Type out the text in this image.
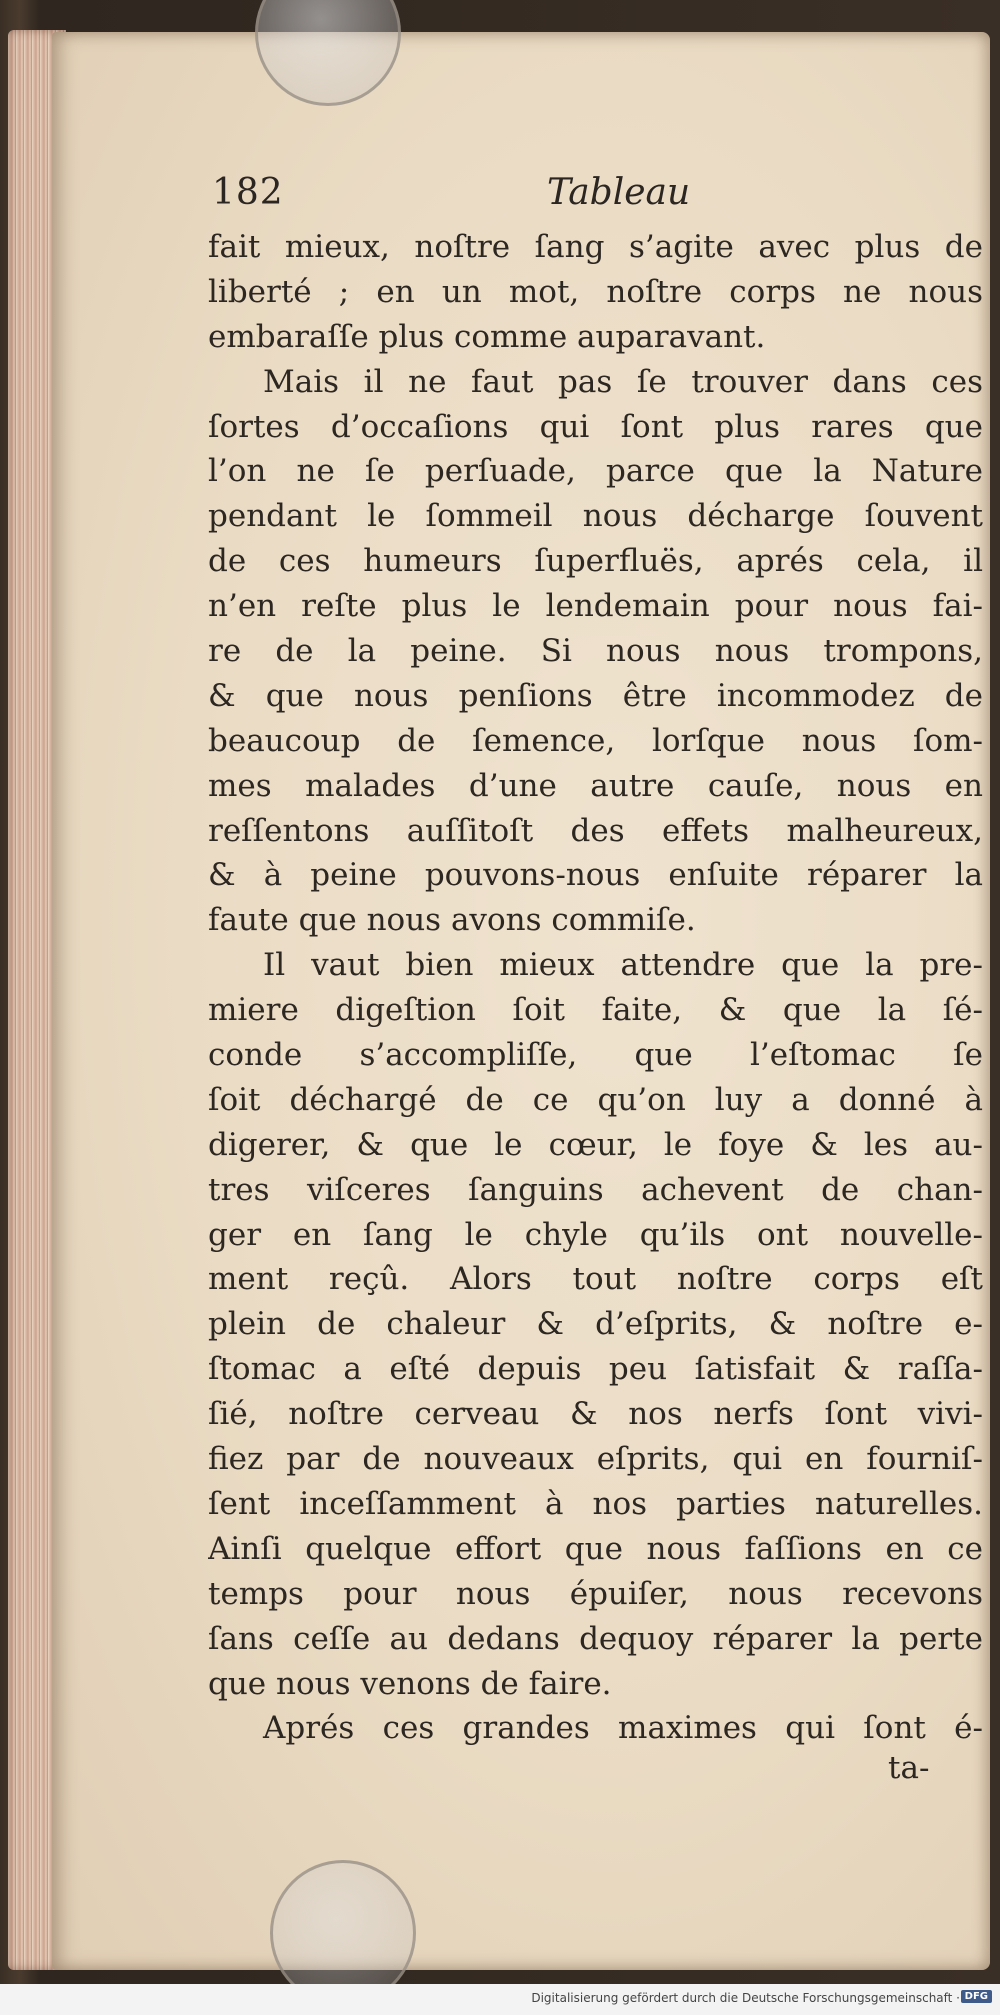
182	Tableau
fait mieux, noſtre ſang s’agite avec plus de
liberté ; en un mot, noſtre corps ne nous
embaraſſe plus comme auparavant.
Mais il ne faut pas ſe trouver dans ces
ſortes d’occaſions qui ſont plus rares que
l’on ne ſe perſuade, parce que la Nature
pendant le ſommeil nous décharge ſouvent
de ces humeurs ſuperfluës, aprés cela, il
n’en reſte plus le lendemain pour nous fai-
re de la peine. Si nous nous trompons,
& que nous penſions être incommodez de
beaucoup de ſemence, lorſque nous ſom-
mes malades d’une autre cauſe, nous en
reſſentons auſſitoſt des effets malheureux,
& à peine pouvons-nous enſuite réparer la
faute que nous avons commiſe.
Il vaut bien mieux attendre que la pre-
miere digeſtion ſoit faite, & que la ſé-
conde s’accompliſſe, que l’eſtomac ſe
ſoit déchargé de ce qu’on luy a donné à
digerer, & que le cœur, le foye & les au-
tres viſceres ſanguins achevent de chan-
ger en ſang le chyle qu’ils ont nouvelle-
ment reçû. Alors tout noſtre corps eſt
plein de chaleur & d’eſprits, & noſtre e-
ſtomac a eſté depuis peu ſatisfait & raſſa-
ſié, noſtre cerveau & nos nerfs ſont vivi-
fiez par de nouveaux eſprits, qui en fourniſ-
ſent inceſſamment à nos parties naturelles.
Ainſi quelque effort que nous faſſions en ce
temps pour nous épuiſer, nous recevons
ſans ceſſe au dedans dequoy réparer la perte
que nous venons de faire.
Aprés ces grandes maximes qui ſont é-
ta-
Digitalisierung gefördert durch die Deutsche Forschungsgemeinschaft · DFG
